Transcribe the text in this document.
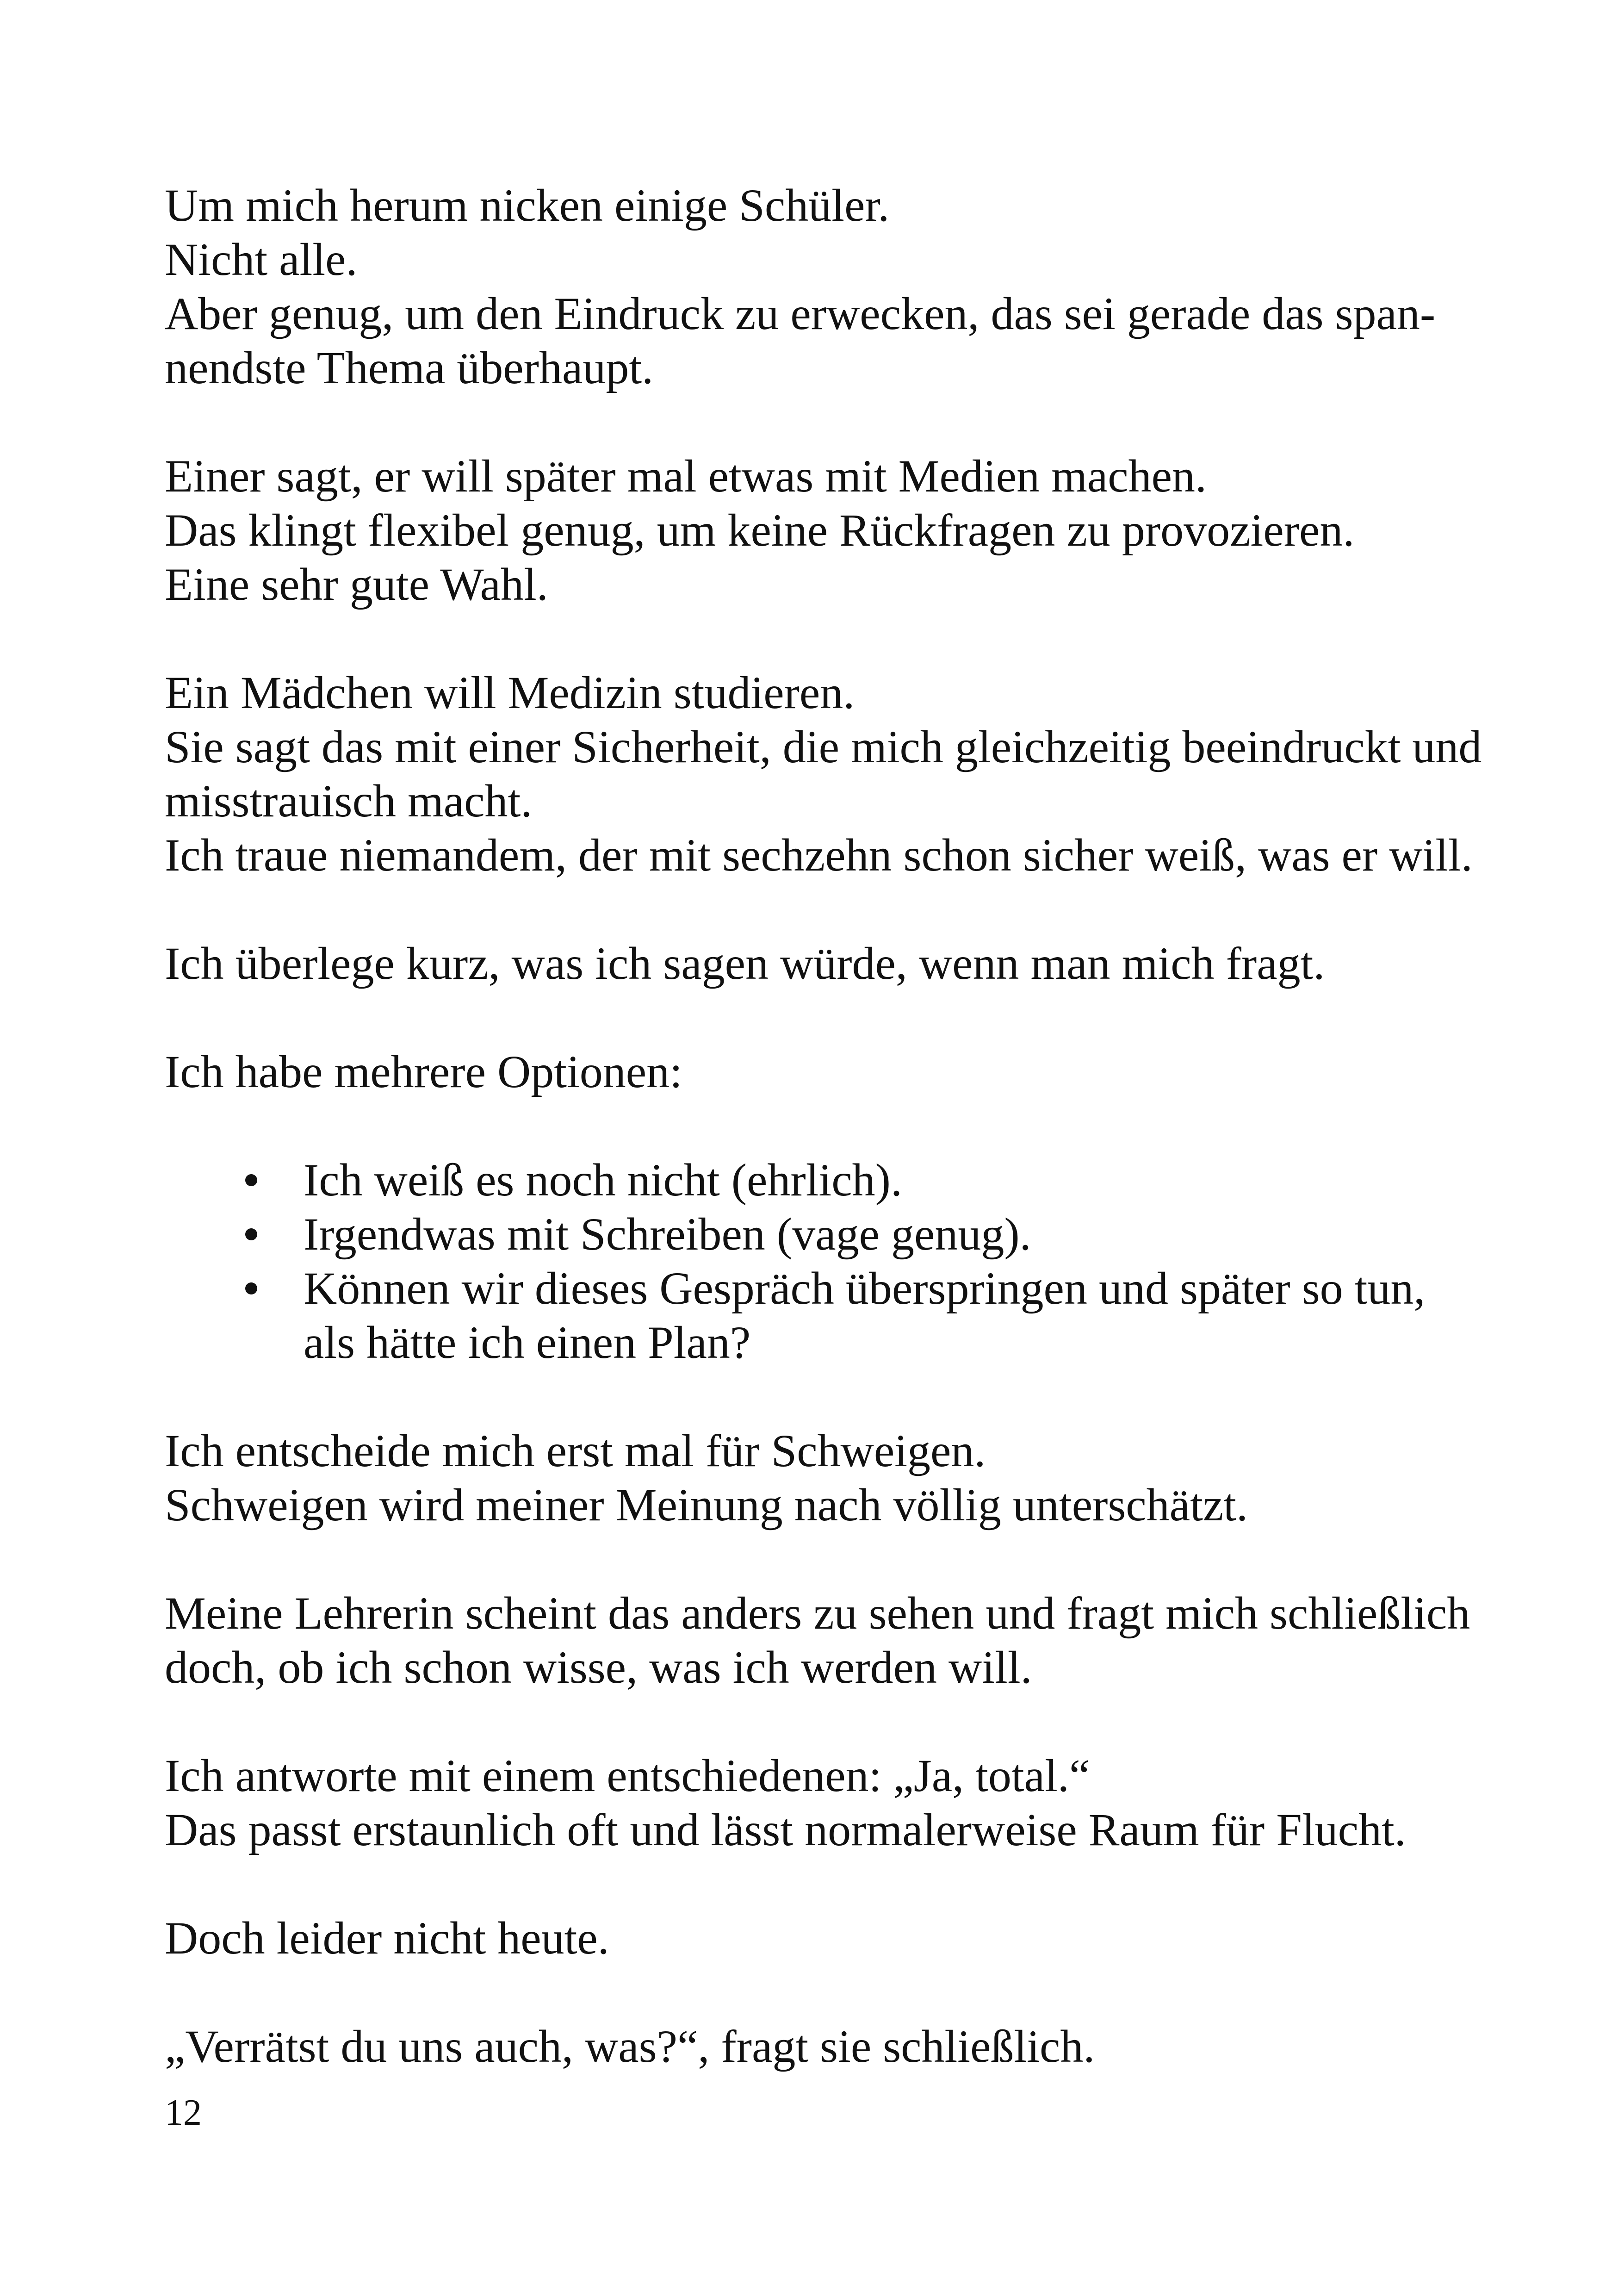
Um mich herum nicken einige Schüler.
Nicht alle.
Aber genug, um den Eindruck zu erwecken, das sei gerade das span-
nendste Thema überhaupt.
Einer sagt, er will später mal etwas mit Medien machen.
Das klingt flexibel genug, um keine Rückfragen zu provozieren.
Eine sehr gute Wahl.
Ein Mädchen will Medizin studieren.
Sie sagt das mit einer Sicherheit, die mich gleichzeitig beeindruckt und
misstrauisch macht.
Ich traue niemandem, der mit sechzehn schon sicher weiß, was er will.
Ich überlege kurz, was ich sagen würde, wenn man mich fragt.
Ich habe mehrere Optionen:
Ich weiß es noch nicht (ehrlich).
Irgendwas mit Schreiben (vage genug).
Können wir dieses Gespräch überspringen und später so tun,
als hätte ich einen Plan?
Ich entscheide mich erst mal für Schweigen.
Schweigen wird meiner Meinung nach völlig unterschätzt.
Meine Lehrerin scheint das anders zu sehen und fragt mich schließlich
doch, ob ich schon wisse, was ich werden will.
Ich antworte mit einem entschiedenen: „Ja, total.“
Das passt erstaunlich oft und lässt normalerweise Raum für Flucht.
Doch leider nicht heute.
„Verrätst du uns auch, was?“, fragt sie schließlich.
12
